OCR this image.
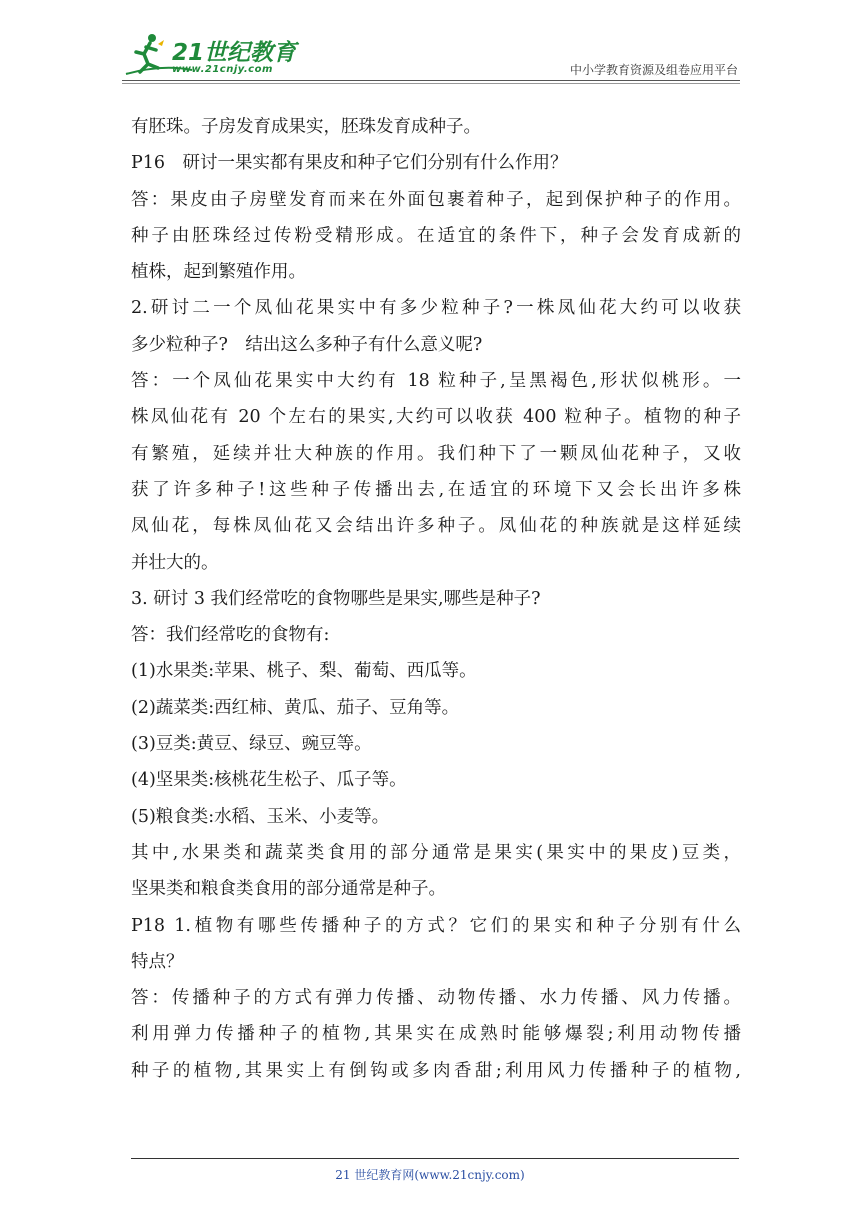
21世纪教育
www.21cnjy.com	中小学教育资源及组卷应用平台
有胚珠。子房发育成果实，胚珠发育成种子。
P16　研讨一果实都有果皮和种子它们分别有什么作用？
答：果皮由子房壁发育而来在外面包裹着种子，起到保护种子的作用。
种子由胚珠经过传粉受精形成。在适宜的条件下，种子会发育成新的
植株，起到繁殖作用。
2.研讨二一个凤仙花果实中有多少粒种子?一株凤仙花大约可以收获
多少粒种子?　结出这么多种子有什么意义呢?
答：一个凤仙花果实中大约有 18 粒种子,呈黑褐色,形状似桃形。一
株凤仙花有 20 个左右的果实,大约可以收获 400 粒种子。植物的种子
有繁殖，延续并壮大种族的作用。我们种下了一颗凤仙花种子，又收
获了许多种子!这些种子传播出去,在适宜的环境下又会长出许多株
凤仙花，每株凤仙花又会结出许多种子。凤仙花的种族就是这样延续
并壮大的。
3. 研讨 3 我们经常吃的食物哪些是果实,哪些是种子?
答：我们经常吃的食物有:
(1)水果类:苹果、桃子、梨、葡萄、西瓜等。
(2)蔬菜类:西红柿、黄瓜、茄子、豆角等。
(3)豆类:黄豆、绿豆、豌豆等。
(4)坚果类:核桃花生松子、瓜子等。
(5)粮食类:水稻、玉米、小麦等。
其中,水果类和蔬菜类食用的部分通常是果实(果实中的果皮)豆类，
坚果类和粮食类食用的部分通常是种子。
P18 1.植物有哪些传播种子的方式？它们的果实和种子分别有什么
特点？
答：传播种子的方式有弹力传播、动物传播、水力传播、风力传播。
利用弹力传播种子的植物,其果实在成熟时能够爆裂;利用动物传播
种子的植物,其果实上有倒钩或多肉香甜;利用风力传播种子的植物,
21 世纪教育网(www.21cnjy.com)
